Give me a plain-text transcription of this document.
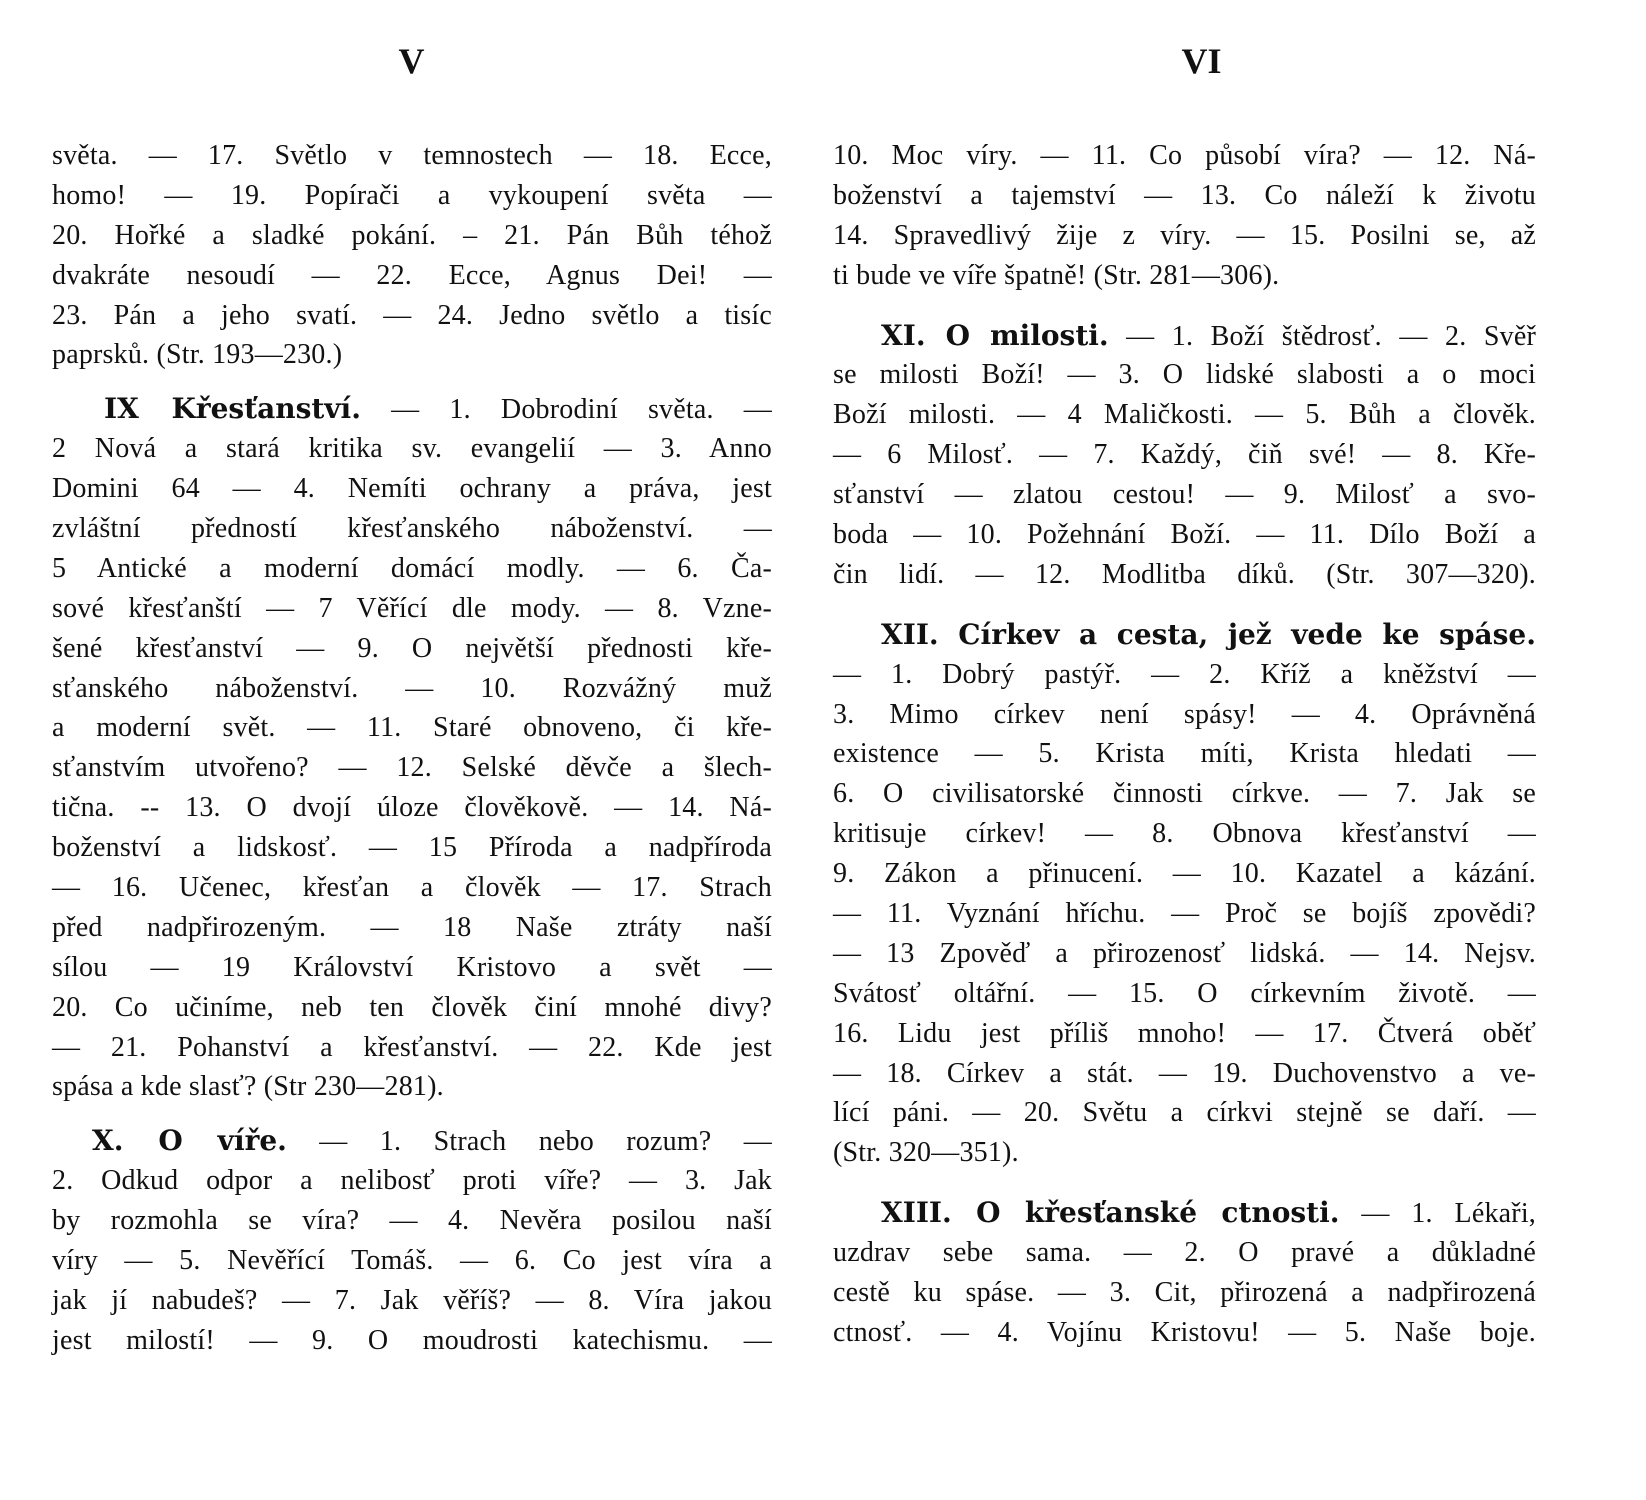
V
světa. — 17. Světlo v temnostech — 18. Ecce,
homo! — 19. Popírači a vykoupení světa —
20. Hořké a sladké pokání. – 21. Pán Bůh téhož
dvakráte nesoudí — 22. Ecce, Agnus Dei! —
23. Pán a jeho svatí. — 24. Jedno světlo a tisíc
paprsků. (Str. 193—230.)
IX Křesťanství. — 1. Dobrodiní světa. —
2 Nová a stará kritika sv. evangelií — 3. Anno
Domini 64 — 4. Nemíti ochrany a práva, jest
zvláštní předností křesťanského náboženství. —
5 Antické a moderní domácí modly. — 6. Ča-
sové křesťanští — 7 Věřící dle mody. — 8. Vzne-
šené křesťanství — 9. O největší přednosti kře-
sťanského náboženství. — 10. Rozvážný muž
a moderní svět. — 11. Staré obnoveno, či kře-
sťanstvím utvořeno? — 12. Selské děvče a šlech-
tična. -- 13. O dvojí úloze člověkově. — 14. Ná-
boženství a lidskosť. — 15 Příroda a nadpříroda
— 16. Učenec, křesťan a člověk — 17. Strach
před nadpřirozeným. — 18 Naše ztráty naší
sílou — 19 Království Kristovo a svět —
20. Co učiníme, neb ten člověk činí mnohé divy?
— 21. Pohanství a křesťanství. — 22. Kde jest
spása a kde slasť? (Str 230—281).
X. O víře. — 1. Strach nebo rozum? —
2. Odkud odpor a nelibosť proti víře? — 3. Jak
by rozmohla se víra? — 4. Nevěra posilou naší
víry — 5. Nevěřící Tomáš. — 6. Co jest víra a
jak jí nabudeš? — 7. Jak věříš? — 8. Víra jakou
jest milostí! — 9. O moudrosti katechismu. —
VI
10. Moc víry. — 11. Co působí víra? — 12. Ná-
boženství a tajemství — 13. Co náleží k životu
14. Spravedlivý žije z víry. — 15. Posilni se, až
ti bude ve víře špatně! (Str. 281—306).
XI. O milosti. — 1. Boží štědrosť. — 2. Svěř
se milosti Boží! — 3. O lidské slabosti a o moci
Boží milosti. — 4 Maličkosti. — 5. Bůh a člověk.
— 6 Milosť. — 7. Každý, čiň své! — 8. Kře-
sťanství — zlatou cestou! — 9. Milosť a svo-
boda — 10. Požehnání Boží. — 11. Dílo Boží a
čin lidí. — 12. Modlitba díků. (Str. 307—320).
XII. Církev a cesta, jež vede ke spáse.
— 1. Dobrý pastýř. — 2. Kříž a kněžství —
3. Mimo církev není spásy! — 4. Oprávněná
existence — 5. Krista míti, Krista hledati —
6. O civilisatorské činnosti církve. — 7. Jak se
kritisuje církev! — 8. Obnova křesťanství —
9. Zákon a přinucení. — 10. Kazatel a kázání.
— 11. Vyznání hříchu. — Proč se bojíš zpovědi?
— 13 Zpověď a přirozenosť lidská. — 14. Nejsv.
Svátosť oltářní. — 15. O církevním životě. —
16. Lidu jest příliš mnoho! — 17. Čtverá oběť
— 18. Církev a stát. — 19. Duchovenstvo a ve-
lící páni. — 20. Světu a církvi stejně se daří. —
(Str. 320—351).
XIII. O křesťanské ctnosti. — 1. Lékaři,
uzdrav sebe sama. — 2. O pravé a důkladné
cestě ku spáse. — 3. Cit, přirozená a nadpřirozená
ctnosť. — 4. Vojínu Kristovu! — 5. Naše boje.
